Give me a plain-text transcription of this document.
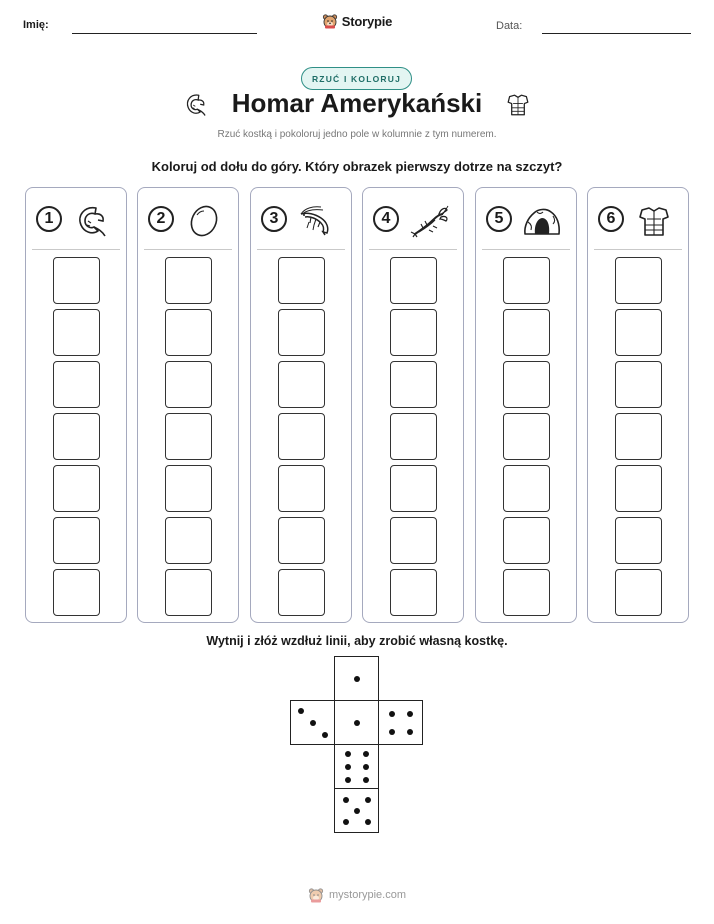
Imię:	Storypie	Data:
RZUĆ I KOLORUJ
Homar Amerykański
Rzuć kostką i pokoloruj jedno pole w kolumnie z tym numerem.
Koloruj od dołu do góry. Który obrazek pierwszy dotrze na szczyt?
1	2	3	4	5	6
Wytnij i złóż wzdłuż linii, aby zrobić własną kostkę.
mystorypie.com
